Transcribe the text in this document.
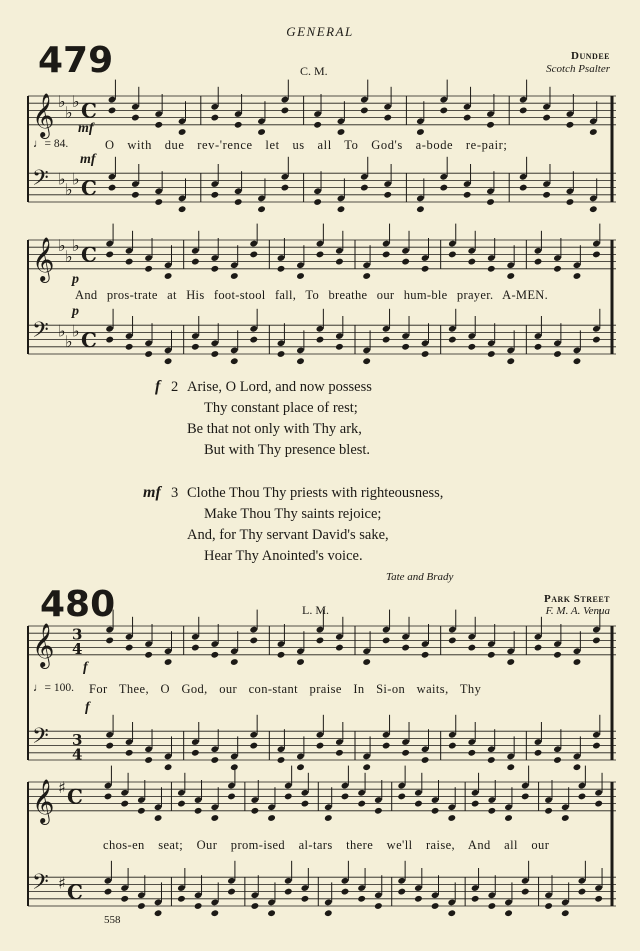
GENERAL
479	C. M.
Dundee
Scotch Psalter
𝄞 ♭
♭
♭ C
𝄢 ♭
♭
♭ C
mf
♩= 84.	O with due rev-'rence let us all To God's a-bode re-pair;
mf
𝄞 ♭
♭
♭ C
𝄢 ♭
♭
♭ C
p
And pros-trate at His foot-stool fall, To breathe our hum-ble prayer. A-MEN.
p
f 2 Arise, O Lord, and now possess
Thy constant place of rest;
Be that not only with Thy ark,
But with Thy presence blest.
mf 3 Clothe Thou Thy priests with righteousness,
Make Thou Thy saints rejoice;
And, for Thy servant David's sake,
Hear Thy Anointed's voice.
Tate and Brady
480	L. M.
Park Street
F. M. A. Venua
𝄞 3
4
𝄢 3
4
f
♩= 100. For Thee, O God, our con-stant praise In Si-on waits, Thy
f
𝄞 ♯ C
𝄢 ♯ C
chos-en seat; Our prom-ised al-tars there we'll raise, And all our
558
